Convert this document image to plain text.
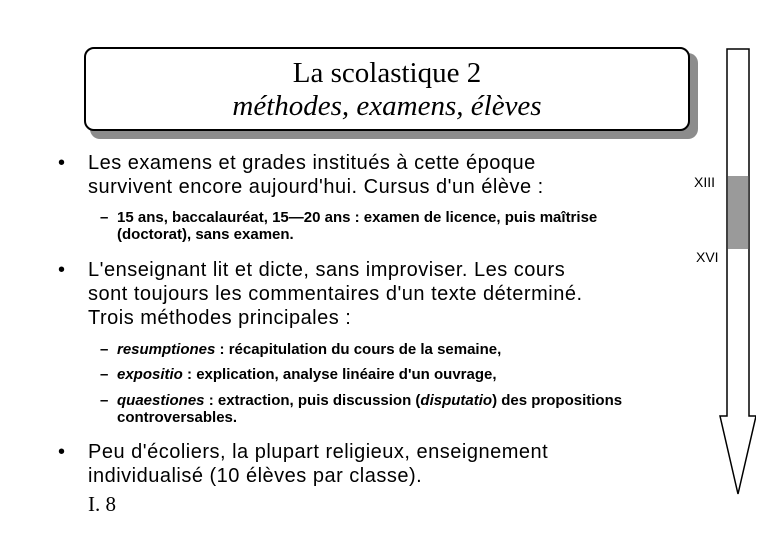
La scolastique 2
méthodes, examens, élèves
XIII
XVI
• Les examens et grades institués à cette époque
survivent encore aujourd'hui. Cursus d'un élève :
– 15 ans, baccalauréat, 15—20 ans : examen de licence, puis maîtrise
(doctorat), sans examen.
• L'enseignant lit et dicte, sans improviser. Les cours
sont toujours les commentaires d'un texte déterminé.
Trois méthodes principales :
– resumptiones : récapitulation du cours de la semaine,
– expositio : explication, analyse linéaire d'un ouvrage,
– quaestiones : extraction, puis discussion (disputatio) des propositions
controversables.
• Peu d'écoliers, la plupart religieux, enseignement
individualisé (10 élèves par classe).
I. 8
